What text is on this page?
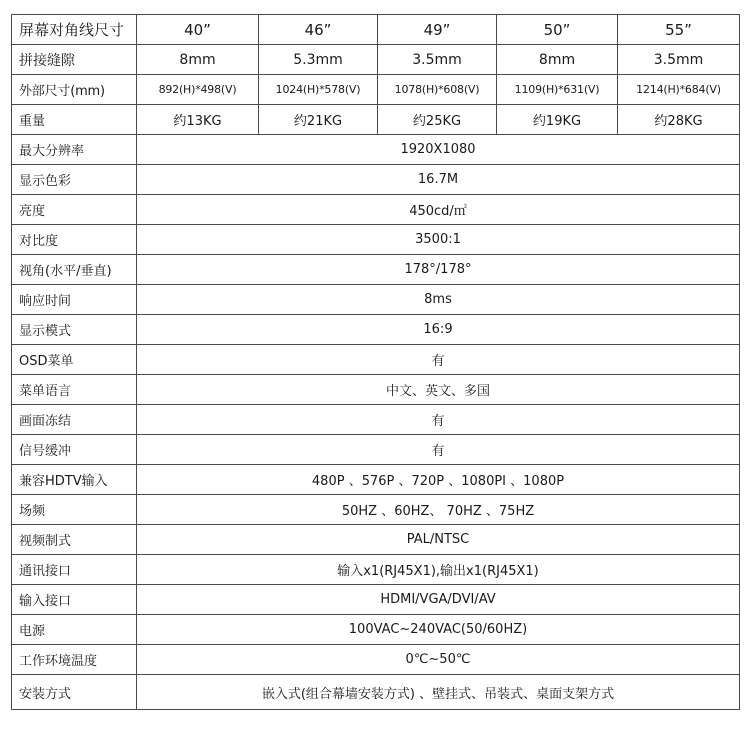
屏幕对角线尺寸	40”	46”	49”	50”	55”
拼接缝隙	8mm	5.3mm	3.5mm	8mm	3.5mm
外部尺寸(mm)	892(H)*498(V)	1024(H)*578(V)	1078(H)*608(V)	1109(H)*631(V)	1214(H)*684(V)
重量	约13KG	约21KG	约25KG	约19KG	约28KG
最大分辨率	1920X1080				
显示色彩	16.7M				
亮度	450cd/㎡				
对比度	3500:1				
视角(水平/垂直)	178°/178°				
响应时间	8ms				
显示模式	16:9				
OSD菜单	有				
菜单语言	中文、英文、多国				
画面冻结	有				
信号缓冲	有				
兼容HDTV输入	480P 、576P 、720P 、1080PI 、1080P				
场频	50HZ 、60HZ、 70HZ 、75HZ				
视频制式	PAL/NTSC				
通讯接口	输入x1(RJ45X1),输出x1(RJ45X1)				
输入接口	HDMI/VGA/DVI/AV				
电源	100VAC~240VAC(50/60HZ)				
工作环境温度	0℃~50℃				
安装方式	嵌入式(组合幕墙安装方式) 、壁挂式、吊装式、桌面支架方式				
